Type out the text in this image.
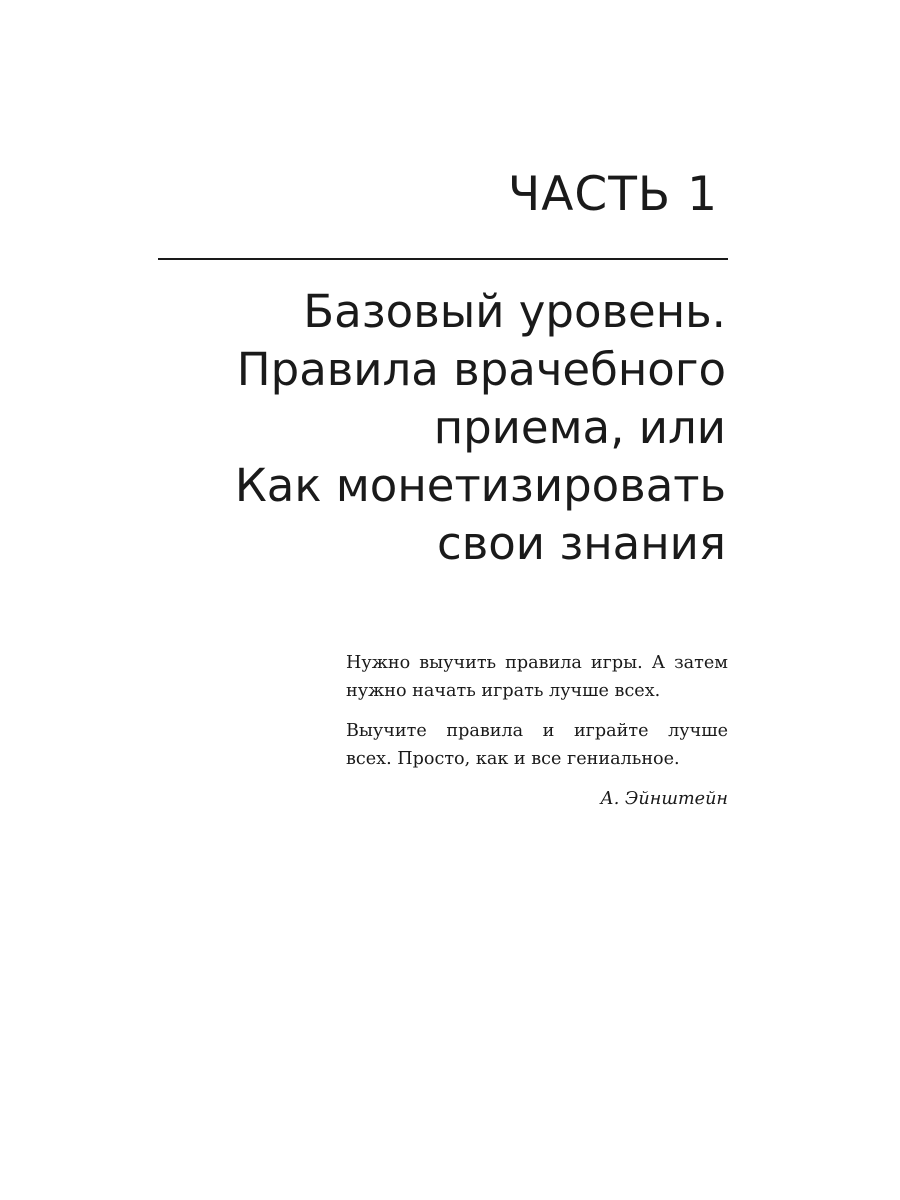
ЧАСТЬ 1
Базовый уровень.
Правила врачебного
приема, или
Как монетизировать
свои знания
Нужно выучить правила игры. А затем
нужно начать играть лучше всех.
Выучите правила и играйте лучше
всех. Просто, как и все гениальное.
А. Эйнштейн
